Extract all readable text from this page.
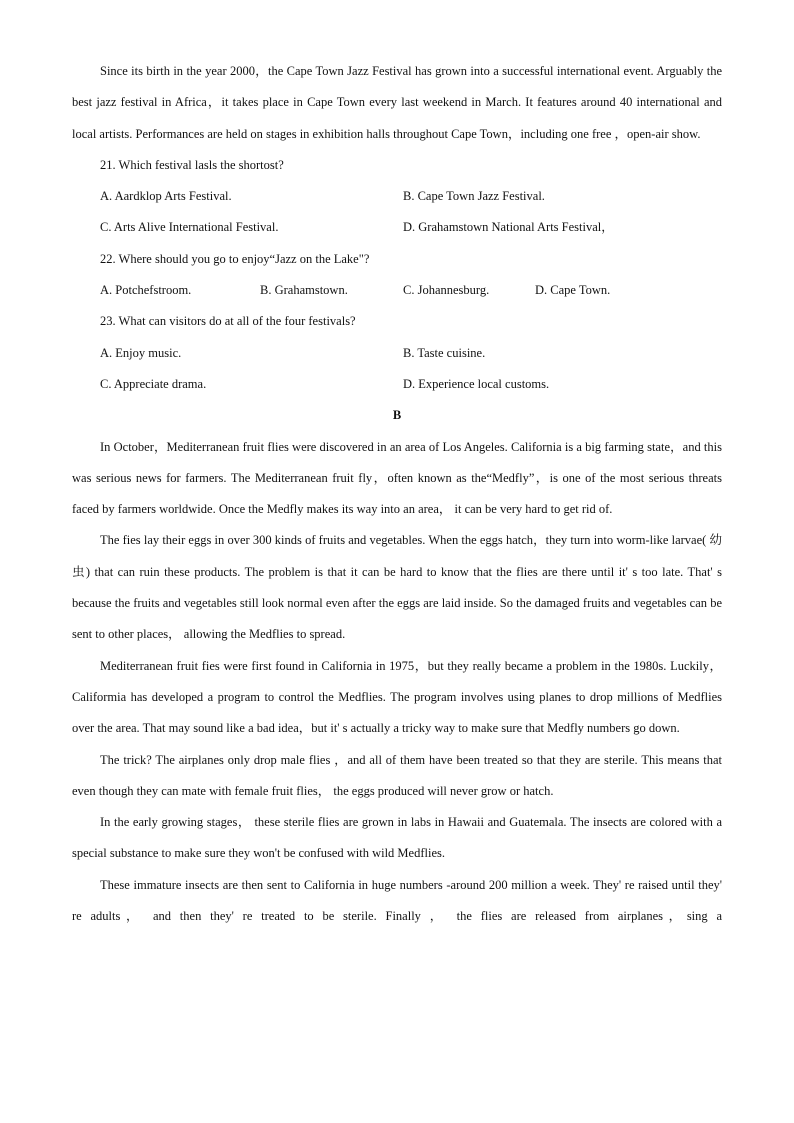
Since its birth in the year 2000，the Cape Town Jazz Festival has grown into a successful international event. Arguably the best jazz festival in Africa，it takes place in Cape Town every last weekend in March. It features around 40 international and local artists. Performances are held on stages in exhibition halls throughout Cape Town，including one free ，open-air show.

21. Which festival lasls the shortost?

A. Aardklop Arts Festival.	B. Cape Town Jazz Festival.
C. Arts Alive International Festival.	D. Grahamstown National Arts Festival，

22. Where should you go to enjoy“Jazz on the Lake"?

A. Potchefstroom.	B. Grahamstown.	C. Johannesburg.	D. Cape Town.

23. What can visitors do at all of the four festivals?

A. Enjoy music.	B. Taste cuisine.
C. Appreciate drama.	D. Experience local customs.
B

In October，Mediterranean fruit flies were discovered in an area of Los Angeles. California is a big farming state，and this was serious news for farmers. The Mediterranean fruit fly，often known as the“Medfly”，is one of the most serious threats faced by farmers worldwide. Once the Medfly makes its way into an area， it can be very hard to get rid of.

The fies lay their eggs in over 300 kinds of fruits and vegetables. When the eggs hatch，they turn into worm-like larvae( 幼虫) that can ruin these products. The problem is that it can be hard to know that the flies are there until it' s too late. That' s because the fruits and vegetables still look normal even after the eggs are laid inside. So the damaged fruits and vegetables can be sent to other places， allowing the Medflies to spread.

Mediterranean fruit fies were first found in California in 1975，but they really became a problem in the 1980s. Luckily，Califormia has developed a program to control the Medflies. The program involves using planes to drop millions of Medflies over the area. That may sound like a bad idea，but it' s actually a tricky way to make sure that Medfly numbers go down.

The trick? The airplanes only drop male flies ，and all of them have been treated so that they are sterile. This means that even though they can mate with female fruit flies， the eggs produced will never grow or hatch.

In the early growing stages， these sterile flies are grown in labs in Hawaii and Guatemala. The insects are colored with a special substance to make sure they won't be confused with wild Medflies.

These immature insects are then sent to California in huge numbers -around 200 million a week. They' re raised until they' re adults， and then they' re treated to be sterile. Finally ， the flies are released from airplanes，sing a
